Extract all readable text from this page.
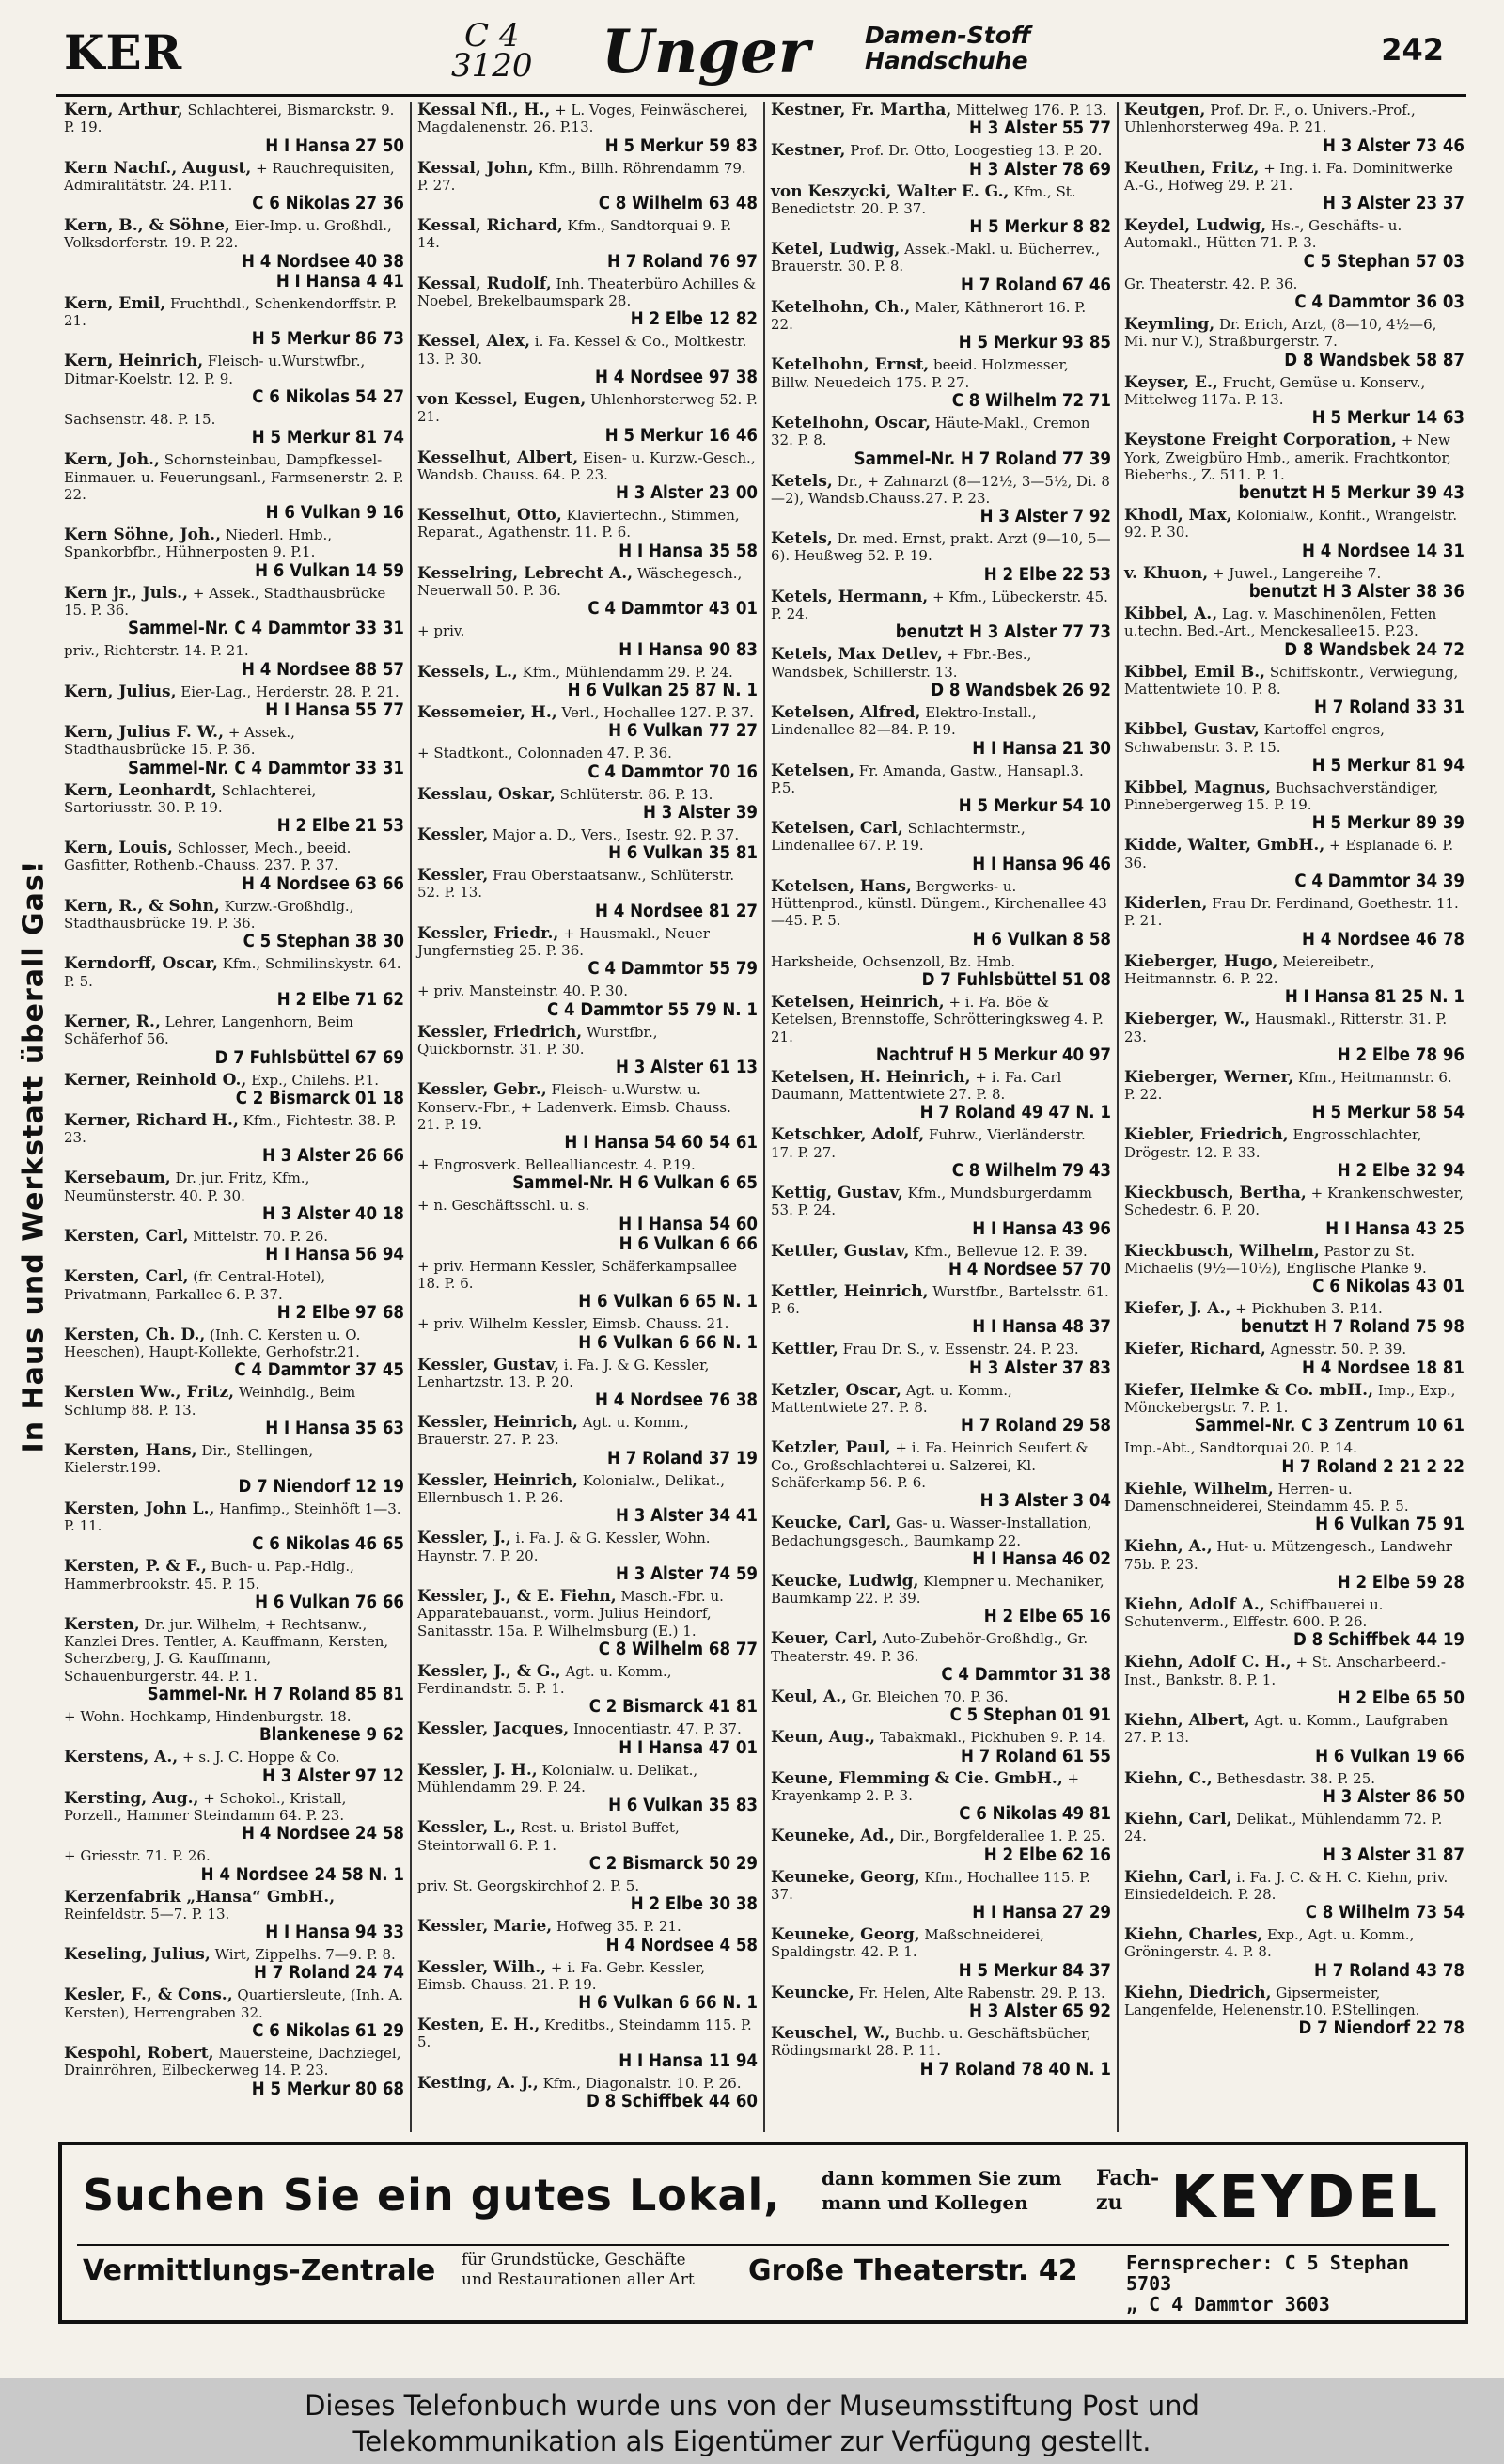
KER	C 4
3120 Unger Damen-Stoff
Handschuhe	242
In Haus und Werkstatt überall Gas!
Kern, Arthur, Schlachterei, Bismarckstr. 9. P. 19.
H I Hansa 27 50
Kern Nachf., August, + Rauchrequisiten, Admiralitätstr. 24. P.11.
C 6 Nikolas 27 36
Kern, B., & Söhne, Eier-Imp. u. Großhdl., Volksdorferstr. 19. P. 22.
H 4 Nordsee 40 38
H I Hansa 4 41
Kern, Emil, Fruchthdl., Schenkendorffstr. P. 21.
H 5 Merkur 86 73
Kern, Heinrich, Fleisch- u.Wurstwfbr., Ditmar-Koelstr. 12. P. 9.
C 6 Nikolas 54 27
Sachsenstr. 48. P. 15.
H 5 Merkur 81 74
Kern, Joh., Schornsteinbau, Dampfkessel-Einmauer. u. Feuerungsanl., Farmsenerstr. 2. P. 22.
H 6 Vulkan 9 16
Kern Söhne, Joh., Niederl. Hmb., Spankorbfbr., Hühnerposten 9. P.1.
H 6 Vulkan 14 59
Kern jr., Juls., + Assek., Stadthausbrücke 15. P. 36.
Sammel-Nr. C 4 Dammtor 33 31
priv., Richterstr. 14. P. 21.
H 4 Nordsee 88 57
Kern, Julius, Eier-Lag., Herderstr. 28. P. 21.
H I Hansa 55 77
Kern, Julius F. W., + Assek., Stadthausbrücke 15. P. 36.
Sammel-Nr. C 4 Dammtor 33 31
Kern, Leonhardt, Schlachterei, Sartoriusstr. 30. P. 19.
H 2 Elbe 21 53
Kern, Louis, Schlosser, Mech., beeid. Gasfitter, Rothenb.-Chauss. 237. P. 37.
H 4 Nordsee 63 66
Kern, R., & Sohn, Kurzw.-Großhdlg., Stadthausbrücke 19. P. 36.
C 5 Stephan 38 30
Kerndorff, Oscar, Kfm., Schmilinskystr. 64. P. 5.
H 2 Elbe 71 62
Kerner, R., Lehrer, Langenhorn, Beim Schäferhof 56.
D 7 Fuhlsbüttel 67 69
Kerner, Reinhold O., Exp., Chilehs. P.1.
C 2 Bismarck 01 18
Kerner, Richard H., Kfm., Fichtestr. 38. P. 23.
H 3 Alster 26 66
Kersebaum, Dr. jur. Fritz, Kfm., Neumünsterstr. 40. P. 30.
H 3 Alster 40 18
Kersten, Carl, Mittelstr. 70. P. 26.
H I Hansa 56 94
Kersten, Carl, (fr. Central-Hotel), Privatmann, Parkallee 6. P. 37.
H 2 Elbe 97 68
Kersten, Ch. D., (Inh. C. Kersten u. O. Heeschen), Haupt-Kollekte, Gerhofstr.21.
C 4 Dammtor 37 45
Kersten Ww., Fritz, Weinhdlg., Beim Schlump 88. P. 13.
H I Hansa 35 63
Kersten, Hans, Dir., Stellingen, Kielerstr.199.
D 7 Niendorf 12 19
Kersten, John L., Hanfimp., Steinhöft 1—3. P. 11.
C 6 Nikolas 46 65
Kersten, P. & F., Buch- u. Pap.-Hdlg., Hammerbrookstr. 45. P. 15.
H 6 Vulkan 76 66
Kersten, Dr. jur. Wilhelm, + Rechtsanw., Kanzlei Dres. Tentler, A. Kauffmann, Kersten, Scherzberg, J. G. Kauffmann, Schauenburgerstr. 44. P. 1.
Sammel-Nr. H 7 Roland 85 81
+ Wohn. Hochkamp, Hindenburgstr. 18.
Blankenese 9 62
Kerstens, A., + s. J. C. Hoppe & Co.
H 3 Alster 97 12
Kersting, Aug., + Schokol., Kristall, Porzell., Hammer Steindamm 64. P. 23.
H 4 Nordsee 24 58
+ Griesstr. 71. P. 26.
H 4 Nordsee 24 58 N. 1
Kerzenfabrik „Hansa“ GmbH., Reinfeldstr. 5—7. P. 13.
H I Hansa 94 33
Keseling, Julius, Wirt, Zippelhs. 7—9. P. 8.
H 7 Roland 24 74
Kesler, F., & Cons., Quartiersleute, (Inh. A. Kersten), Herrengraben 32.
C 6 Nikolas 61 29
Kespohl, Robert, Mauersteine, Dachziegel, Drainröhren, Eilbeckerweg 14. P. 23.
H 5 Merkur 80 68
Kessal Nfl., H., + L. Voges, Feinwäscherei, Magdalenenstr. 26. P.13.
H 5 Merkur 59 83
Kessal, John, Kfm., Billh. Röhrendamm 79. P. 27.
C 8 Wilhelm 63 48
Kessal, Richard, Kfm., Sandtorquai 9. P. 14.
H 7 Roland 76 97
Kessal, Rudolf, Inh. Theaterbüro Achilles & Noebel, Brekelbaumspark 28.
H 2 Elbe 12 82
Kessel, Alex, i. Fa. Kessel & Co., Moltkestr. 13. P. 30.
H 4 Nordsee 97 38
von Kessel, Eugen, Uhlenhorsterweg 52. P. 21.
H 5 Merkur 16 46
Kesselhut, Albert, Eisen- u. Kurzw.-Gesch., Wandsb. Chauss. 64. P. 23.
H 3 Alster 23 00
Kesselhut, Otto, Klaviertechn., Stimmen, Reparat., Agathenstr. 11. P. 6.
H I Hansa 35 58
Kesselring, Lebrecht A., Wäschegesch., Neuerwall 50. P. 36.
C 4 Dammtor 43 01
+ priv.
H I Hansa 90 83
Kessels, L., Kfm., Mühlendamm 29. P. 24.
H 6 Vulkan 25 87 N. 1
Kessemeier, H., Verl., Hochallee 127. P. 37.
H 6 Vulkan 77 27
+ Stadtkont., Colonnaden 47. P. 36.
C 4 Dammtor 70 16
Kesslau, Oskar, Schlüterstr. 86. P. 13.
H 3 Alster 39
Kessler, Major a. D., Vers., Isestr. 92. P. 37.
H 6 Vulkan 35 81
Kessler, Frau Oberstaatsanw., Schlüterstr. 52. P. 13.
H 4 Nordsee 81 27
Kessler, Friedr., + Hausmakl., Neuer Jungfernstieg 25. P. 36.
C 4 Dammtor 55 79
+ priv. Mansteinstr. 40. P. 30.
C 4 Dammtor 55 79 N. 1
Kessler, Friedrich, Wurstfbr., Quickbornstr. 31. P. 30.
H 3 Alster 61 13
Kessler, Gebr., Fleisch- u.Wurstw. u. Konserv.-Fbr., + Ladenverk. Eimsb. Chauss. 21. P. 19.
H I Hansa 54 60 54 61
+ Engrosverk. Bellealliancestr. 4. P.19.
Sammel-Nr. H 6 Vulkan 6 65
+ n. Geschäftsschl. u. s.
H I Hansa 54 60
H 6 Vulkan 6 66
+ priv. Hermann Kessler, Schäferkampsallee 18. P. 6.
H 6 Vulkan 6 65 N. 1
+ priv. Wilhelm Kessler, Eimsb. Chauss. 21.
H 6 Vulkan 6 66 N. 1
Kessler, Gustav, i. Fa. J. & G. Kessler, Lenhartzstr. 13. P. 20.
H 4 Nordsee 76 38
Kessler, Heinrich, Agt. u. Komm., Brauerstr. 27. P. 23.
H 7 Roland 37 19
Kessler, Heinrich, Kolonialw., Delikat., Ellernbusch 1. P. 26.
H 3 Alster 34 41
Kessler, J., i. Fa. J. & G. Kessler, Wohn. Haynstr. 7. P. 20.
H 3 Alster 74 59
Kessler, J., & E. Fiehn, Masch.-Fbr. u. Apparatebauanst., vorm. Julius Heindorf, Sanitasstr. 15a. P. Wilhelmsburg (E.) 1.
C 8 Wilhelm 68 77
Kessler, J., & G., Agt. u. Komm., Ferdinandstr. 5. P. 1.
C 2 Bismarck 41 81
Kessler, Jacques, Innocentiastr. 47. P. 37.
H I Hansa 47 01
Kessler, J. H., Kolonialw. u. Delikat., Mühlendamm 29. P. 24.
H 6 Vulkan 35 83
Kessler, L., Rest. u. Bristol Buffet, Steintorwall 6. P. 1.
C 2 Bismarck 50 29
priv. St. Georgskirchhof 2. P. 5.
H 2 Elbe 30 38
Kessler, Marie, Hofweg 35. P. 21.
H 4 Nordsee 4 58
Kessler, Wilh., + i. Fa. Gebr. Kessler, Eimsb. Chauss. 21. P. 19.
H 6 Vulkan 6 66 N. 1
Kesten, E. H., Kreditbs., Steindamm 115. P. 5.
H I Hansa 11 94
Kesting, A. J., Kfm., Diagonalstr. 10. P. 26.
D 8 Schiffbek 44 60
Kestner, Fr. Martha, Mittelweg 176. P. 13.
H 3 Alster 55 77
Kestner, Prof. Dr. Otto, Loogestieg 13. P. 20.
H 3 Alster 78 69
von Keszycki, Walter E. G., Kfm., St. Benedictstr. 20. P. 37.
H 5 Merkur 8 82
Ketel, Ludwig, Assek.-Makl. u. Bücherrev., Brauerstr. 30. P. 8.
H 7 Roland 67 46
Ketelhohn, Ch., Maler, Käthnerort 16. P. 22.
H 5 Merkur 93 85
Ketelhohn, Ernst, beeid. Holzmesser, Billw. Neuedeich 175. P. 27.
C 8 Wilhelm 72 71
Ketelhohn, Oscar, Häute-Makl., Cremon 32. P. 8.
Sammel-Nr. H 7 Roland 77 39
Ketels, Dr., + Zahnarzt (8—12½, 3—5½, Di. 8—2), Wandsb.Chauss.27. P. 23.
H 3 Alster 7 92
Ketels, Dr. med. Ernst, prakt. Arzt (9—10, 5—6). Heußweg 52. P. 19.
H 2 Elbe 22 53
Ketels, Hermann, + Kfm., Lübeckerstr. 45. P. 24.
benutzt H 3 Alster 77 73
Ketels, Max Detlev, + Fbr.-Bes., Wandsbek, Schillerstr. 13.
D 8 Wandsbek 26 92
Ketelsen, Alfred, Elektro-Install., Lindenallee 82—84. P. 19.
H I Hansa 21 30
Ketelsen, Fr. Amanda, Gastw., Hansapl.3. P.5.
H 5 Merkur 54 10
Ketelsen, Carl, Schlachtermstr., Lindenallee 67. P. 19.
H I Hansa 96 46
Ketelsen, Hans, Bergwerks- u. Hüttenprod., künstl. Düngem., Kirchenallee 43—45. P. 5.
H 6 Vulkan 8 58
Harksheide, Ochsenzoll, Bz. Hmb.
D 7 Fuhlsbüttel 51 08
Ketelsen, Heinrich, + i. Fa. Böe & Ketelsen, Brennstoffe, Schrötteringksweg 4. P. 21.
Nachtruf H 5 Merkur 40 97
Ketelsen, H. Heinrich, + i. Fa. Carl Daumann, Mattentwiete 27. P. 8.
H 7 Roland 49 47 N. 1
Ketschker, Adolf, Fuhrw., Vierländerstr. 17. P. 27.
C 8 Wilhelm 79 43
Kettig, Gustav, Kfm., Mundsburgerdamm 53. P. 24.
H I Hansa 43 96
Kettler, Gustav, Kfm., Bellevue 12. P. 39.
H 4 Nordsee 57 70
Kettler, Heinrich, Wurstfbr., Bartelsstr. 61. P. 6.
H I Hansa 48 37
Kettler, Frau Dr. S., v. Essenstr. 24. P. 23.
H 3 Alster 37 83
Ketzler, Oscar, Agt. u. Komm., Mattentwiete 27. P. 8.
H 7 Roland 29 58
Ketzler, Paul, + i. Fa. Heinrich Seufert & Co., Großschlachterei u. Salzerei, Kl. Schäferkamp 56. P. 6.
H 3 Alster 3 04
Keucke, Carl, Gas- u. Wasser-Installation, Bedachungsgesch., Baumkamp 22.
H I Hansa 46 02
Keucke, Ludwig, Klempner u. Mechaniker, Baumkamp 22. P. 39.
H 2 Elbe 65 16
Keuer, Carl, Auto-Zubehör-Großhdlg., Gr. Theaterstr. 49. P. 36.
C 4 Dammtor 31 38
Keul, A., Gr. Bleichen 70. P. 36.
C 5 Stephan 01 91
Keun, Aug., Tabakmakl., Pickhuben 9. P. 14.
H 7 Roland 61 55
Keune, Flemming & Cie. GmbH., + Krayenkamp 2. P. 3.
C 6 Nikolas 49 81
Keuneke, Ad., Dir., Borgfelderallee 1. P. 25.
H 2 Elbe 62 16
Keuneke, Georg, Kfm., Hochallee 115. P. 37.
H I Hansa 27 29
Keuneke, Georg, Maßschneiderei, Spaldingstr. 42. P. 1.
H 5 Merkur 84 37
Keuncke, Fr. Helen, Alte Rabenstr. 29. P. 13.
H 3 Alster 65 92
Keuschel, W., Buchb. u. Geschäftsbücher, Rödingsmarkt 28. P. 11.
H 7 Roland 78 40 N. 1
Keutgen, Prof. Dr. F., o. Univers.-Prof., Uhlenhorsterweg 49a. P. 21.
H 3 Alster 73 46
Keuthen, Fritz, + Ing. i. Fa. Dominitwerke A.-G., Hofweg 29. P. 21.
H 3 Alster 23 37
Keydel, Ludwig, Hs.-, Geschäfts- u. Automakl., Hütten 71. P. 3.
C 5 Stephan 57 03
Gr. Theaterstr. 42. P. 36.
C 4 Dammtor 36 03
Keymling, Dr. Erich, Arzt, (8—10, 4½—6, Mi. nur V.), Straßburgerstr. 7.
D 8 Wandsbek 58 87
Keyser, E., Frucht, Gemüse u. Konserv., Mittelweg 117a. P. 13.
H 5 Merkur 14 63
Keystone Freight Corporation, + New York, Zweigbüro Hmb., amerik. Frachtkontor, Bieberhs., Z. 511. P. 1.
benutzt H 5 Merkur 39 43
Khodl, Max, Kolonialw., Konfit., Wrangelstr. 92. P. 30.
H 4 Nordsee 14 31
v. Khuon, + Juwel., Langereihe 7.
benutzt H 3 Alster 38 36
Kibbel, A., Lag. v. Maschinenölen, Fetten u.techn. Bed.-Art., Menckesallee15. P.23.
D 8 Wandsbek 24 72
Kibbel, Emil B., Schiffskontr., Verwiegung, Mattentwiete 10. P. 8.
H 7 Roland 33 31
Kibbel, Gustav, Kartoffel engros, Schwabenstr. 3. P. 15.
H 5 Merkur 81 94
Kibbel, Magnus, Buchsachverständiger, Pinnebergerweg 15. P. 19.
H 5 Merkur 89 39
Kidde, Walter, GmbH., + Esplanade 6. P. 36.
C 4 Dammtor 34 39
Kiderlen, Frau Dr. Ferdinand, Goethestr. 11. P. 21.
H 4 Nordsee 46 78
Kieberger, Hugo, Meiereibetr., Heitmannstr. 6. P. 22.
H I Hansa 81 25 N. 1
Kieberger, W., Hausmakl., Ritterstr. 31. P. 23.
H 2 Elbe 78 96
Kieberger, Werner, Kfm., Heitmannstr. 6. P. 22.
H 5 Merkur 58 54
Kiebler, Friedrich, Engrosschlachter, Drögestr. 12. P. 33.
H 2 Elbe 32 94
Kieckbusch, Bertha, + Krankenschwester, Schedestr. 6. P. 20.
H I Hansa 43 25
Kieckbusch, Wilhelm, Pastor zu St. Michaelis (9½—10½), Englische Planke 9.
C 6 Nikolas 43 01
Kiefer, J. A., + Pickhuben 3. P.14.
benutzt H 7 Roland 75 98
Kiefer, Richard, Agnesstr. 50. P. 39.
H 4 Nordsee 18 81
Kiefer, Helmke & Co. mbH., Imp., Exp., Mönckebergstr. 7. P. 1.
Sammel-Nr. C 3 Zentrum 10 61
Imp.-Abt., Sandtorquai 20. P. 14.
H 7 Roland 2 21 2 22
Kiehle, Wilhelm, Herren- u. Damenschneiderei, Steindamm 45. P. 5.
H 6 Vulkan 75 91
Kiehn, A., Hut- u. Mützengesch., Landwehr 75b. P. 23.
H 2 Elbe 59 28
Kiehn, Adolf A., Schiffbauerei u. Schutenverm., Elffestr. 600. P. 26.
D 8 Schiffbek 44 19
Kiehn, Adolf C. H., + St. Anscharbeerd.-Inst., Bankstr. 8. P. 1.
H 2 Elbe 65 50
Kiehn, Albert, Agt. u. Komm., Laufgraben 27. P. 13.
H 6 Vulkan 19 66
Kiehn, C., Bethesdastr. 38. P. 25.
H 3 Alster 86 50
Kiehn, Carl, Delikat., Mühlendamm 72. P. 24.
H 3 Alster 31 87
Kiehn, Carl, i. Fa. J. C. & H. C. Kiehn, priv. Einsiedeldeich. P. 28.
C 8 Wilhelm 73 54
Kiehn, Charles, Exp., Agt. u. Komm., Gröningerstr. 4. P. 8.
H 7 Roland 43 78
Kiehn, Diedrich, Gipsermeister, Langenfelde, Helenenstr.10. P.Stellingen.
D 7 Niendorf 22 78
Suchen Sie ein gutes Lokal, dann kommen Sie zum
mann und Kollegen
Fach-
zu KEYDEL
Vermittlungs-Zentrale für Grundstücke, Geschäfte
und Restaurationen aller Art Große Theaterstr. 42	Fernsprecher: C 5 Stephan 5703
„ C 4 Dammtor 3603
Dieses Telefonbuch wurde uns von der Museumsstiftung Post und
Telekommunikation als Eigentümer zur Verfügung gestellt.
